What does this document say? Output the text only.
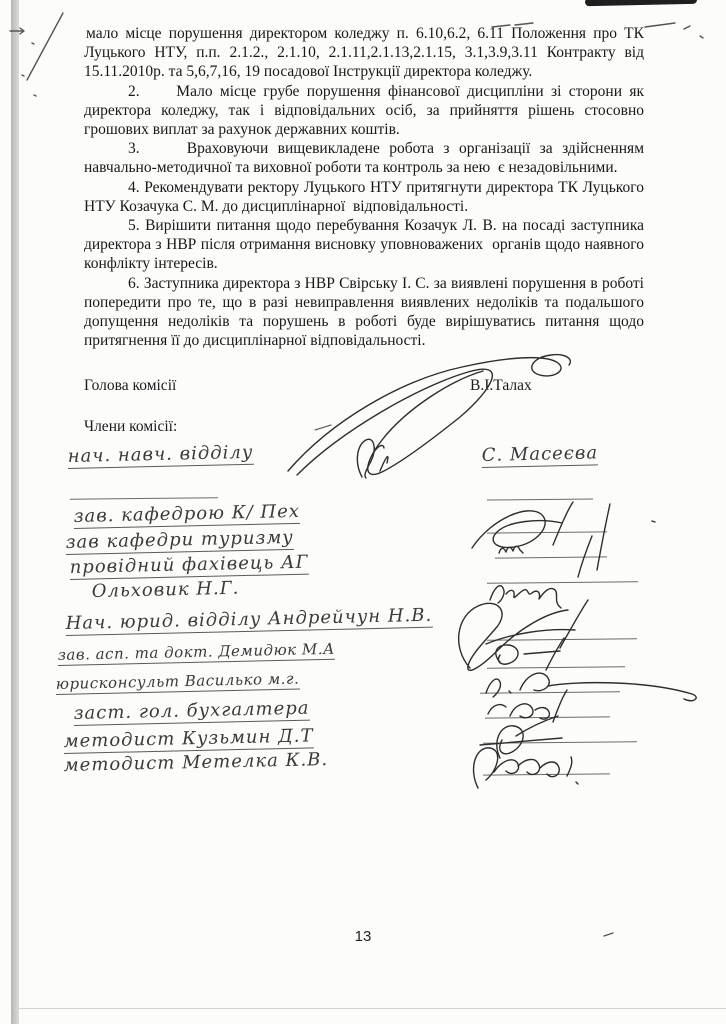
мало місце порушення директором коледжу п. 6.10,6.2, 6.11 Положення про ТК Луцького НТУ, п.п. 2.1.2., 2.1.10, 2.1.11,2.1.13,2.1.15, 3.1,3.9,3.11 Контракту від 15.11.2010р. та 5,6,7,16, 19 посадової Інструкції директора коледжу.

2.     Мало місце грубе порушення фінансової дисципліни зі сторони як директора коледжу, так і відповідальних осіб, за прийняття рішень стосовно грошових виплат за рахунок державних коштів.

3.     Враховуючи вищевикладене робота з організації за здійсненням навчально-методичної та виховної роботи та контроль за нею  є незадовільними.

4. Рекомендувати ректору Луцького НТУ притягнути директора ТК Луцького НТУ Козачука С. М. до дисциплінарної  відповідальності.

5. Вирішити питання щодо перебування Козачук Л. В. на посаді заступника директора з НВР після отримання висновку уповноважених  органів щодо наявного конфлікту інтересів.

6. Заступника директора з НВР Свірську І. С. за виявлені порушення в роботі попередити про те, що в разі невиправлення виявлених недоліків та подальшого допущення недоліків та порушень в роботі буде вирішуватись питання щодо притягнення її до дисциплінарної відповідальності.

Голова комісії	В.І.Талах
Члени комісії:
нач. навч. відділу
зав. кафедрою К/ Пех
зав кафедри туризму
провідний фахівець АГ
Ольховик Н.Г.
Нач. юрид. відділу Андрейчун Н.В.
зав. асп. та докт. Демидюк М.А
юрисконсульт Василько м.г.
заст. гол. бухгалтера
методист Кузьмин Д.Т
методист Метелка К.В.
С. Масеєва
13
